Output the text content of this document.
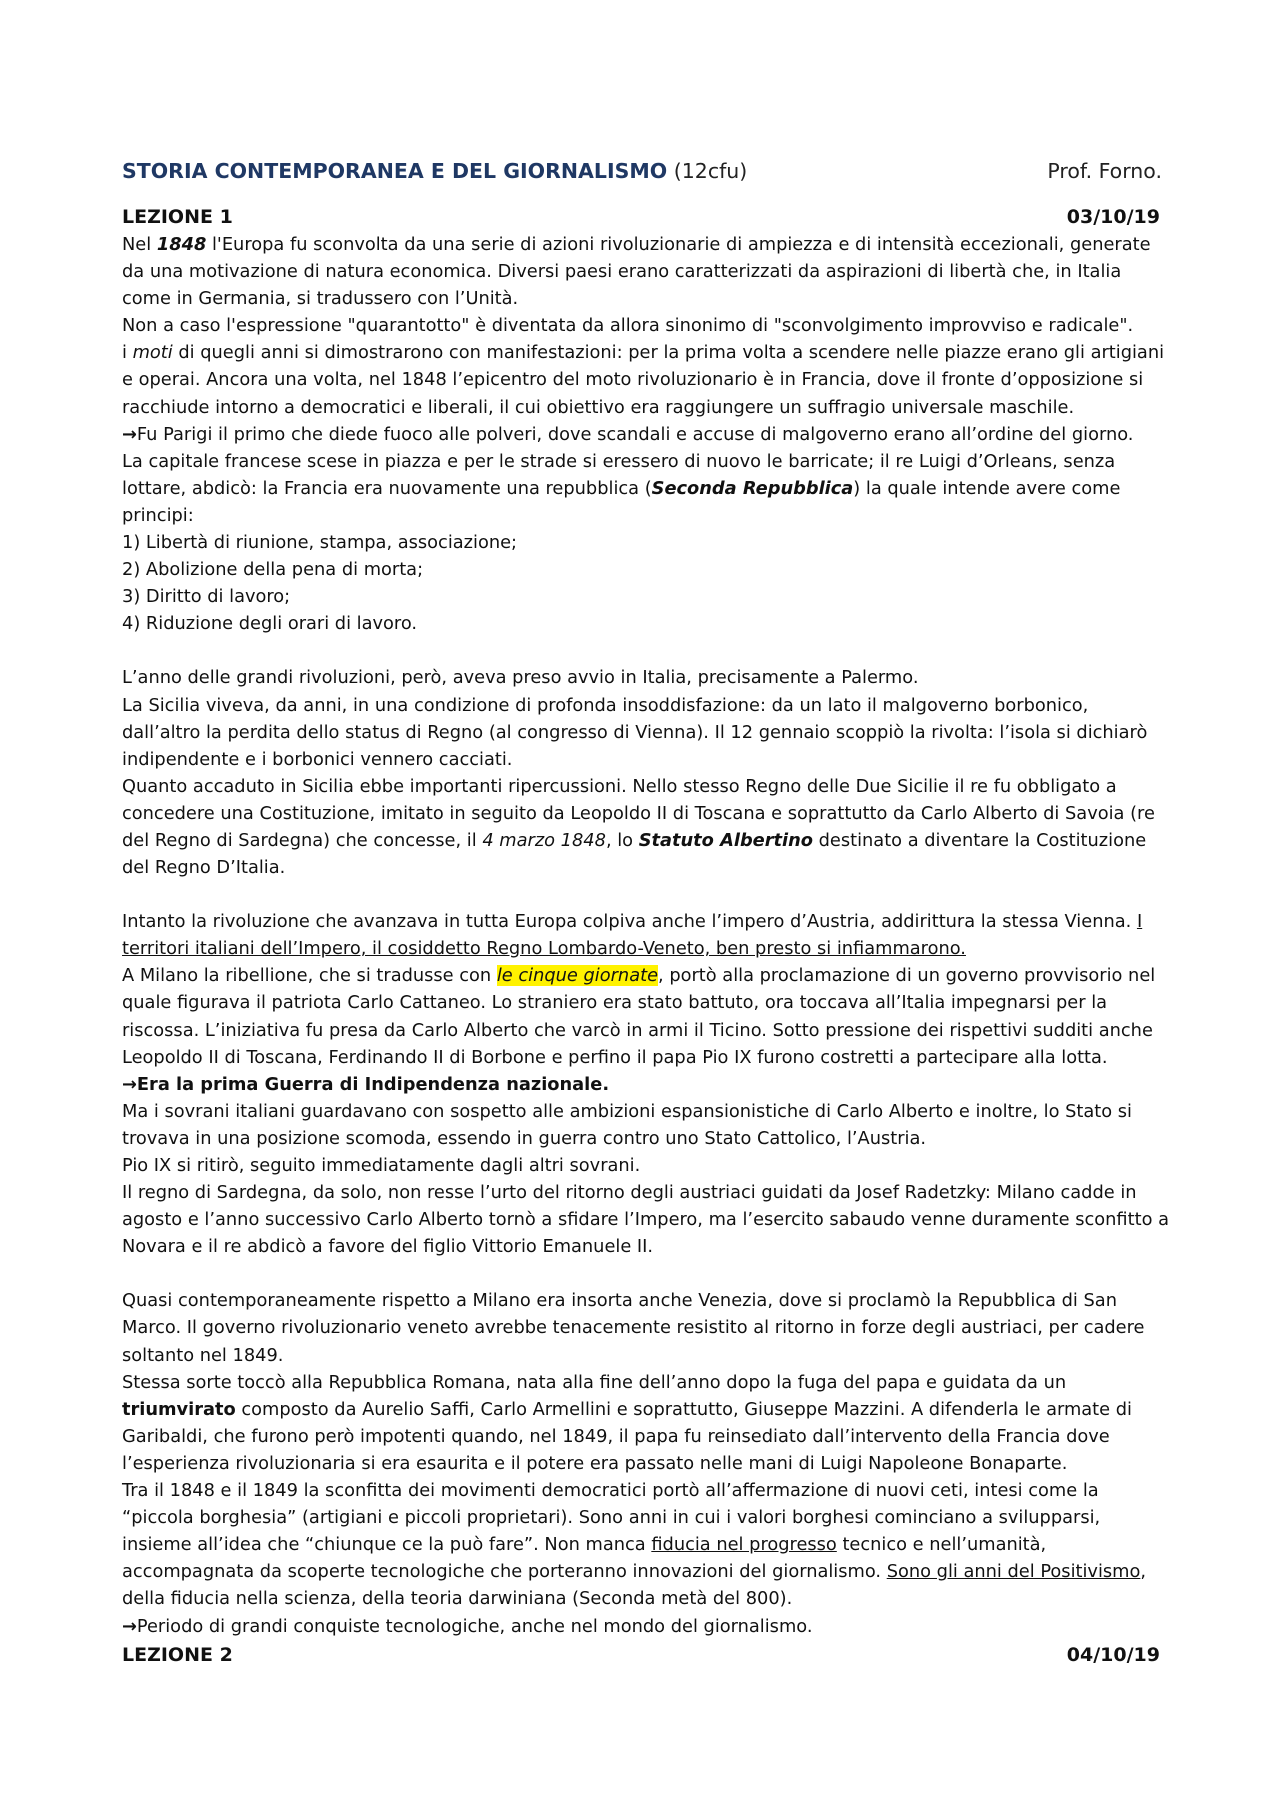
STORIA CONTEMPORANEA E DEL GIORNALISMO (12cfu)	Prof. Forno.
LEZIONE 1	03/10/19

Nel 1848 l'Europa fu sconvolta da una serie di azioni rivoluzionarie di ampiezza e di intensità eccezionali, generate da una motivazione di natura economica. Diversi paesi erano caratterizzati da aspirazioni di libertà che, in Italia come in Germania, si tradussero con l’Unità.

Non a caso l'espressione "quarantotto" è diventata da allora sinonimo di "sconvolgimento improvviso e radicale".

i moti di quegli anni si dimostrarono con manifestazioni: per la prima volta a scendere nelle piazze erano gli artigiani e operai. Ancora una volta, nel 1848 l’epicentro del moto rivoluzionario è in Francia, dove il fronte d’opposizione si racchiude intorno a democratici e liberali, il cui obiettivo era raggiungere un suffragio universale maschile.

→Fu Parigi il primo che diede fuoco alle polveri, dove scandali e accuse di malgoverno erano all’ordine del giorno.

La capitale francese scese in piazza e per le strade si eressero di nuovo le barricate; il re Luigi d’Orleans, senza lottare, abdicò: la Francia era nuovamente una repubblica (Seconda Repubblica) la quale intende avere come principi:

1) Libertà di riunione, stampa, associazione;

2) Abolizione della pena di morta;

3) Diritto di lavoro;

4) Riduzione degli orari di lavoro.

L’anno delle grandi rivoluzioni, però, aveva preso avvio in Italia, precisamente a Palermo.

La Sicilia viveva, da anni, in una condizione di profonda insoddisfazione: da un lato il malgoverno borbonico, dall’altro la perdita dello status di Regno (al congresso di Vienna). Il 12 gennaio scoppiò la rivolta: l’isola si dichiarò indipendente e i borbonici vennero cacciati.

Quanto accaduto in Sicilia ebbe importanti ripercussioni. Nello stesso Regno delle Due Sicilie il re fu obbligato a concedere una Costituzione, imitato in seguito da Leopoldo II di Toscana e soprattutto da Carlo Alberto di Savoia (re del Regno di Sardegna) che concesse, il 4 marzo 1848, lo Statuto Albertino destinato a diventare la Costituzione del Regno D’Italia.

Intanto la rivoluzione che avanzava in tutta Europa colpiva anche l’impero d’Austria, addirittura la stessa Vienna. I territori italiani dell’Impero, il cosiddetto Regno Lombardo-Veneto, ben presto si infiammarono.

A Milano la ribellione, che si tradusse con le cinque giornate, portò alla proclamazione di un governo provvisorio nel quale figurava il patriota Carlo Cattaneo. Lo straniero era stato battuto, ora toccava all’Italia impegnarsi per la riscossa. L’iniziativa fu presa da Carlo Alberto che varcò in armi il Ticino. Sotto pressione dei rispettivi sudditi anche Leopoldo II di Toscana, Ferdinando II di Borbone e perfino il papa Pio IX furono costretti a partecipare alla lotta.

→Era la prima Guerra di Indipendenza nazionale.

Ma i sovrani italiani guardavano con sospetto alle ambizioni espansionistiche di Carlo Alberto e inoltre, lo Stato si trovava in una posizione scomoda, essendo in guerra contro uno Stato Cattolico, l’Austria.

Pio IX si ritirò, seguito immediatamente dagli altri sovrani.

Il regno di Sardegna, da solo, non resse l’urto del ritorno degli austriaci guidati da Josef Radetzky: Milano cadde in agosto e l’anno successivo Carlo Alberto tornò a sfidare l’Impero, ma l’esercito sabaudo venne duramente sconfitto a Novara e il re abdicò a favore del figlio Vittorio Emanuele II.

Quasi contemporaneamente rispetto a Milano era insorta anche Venezia, dove si proclamò la Repubblica di San Marco. Il governo rivoluzionario veneto avrebbe tenacemente resistito al ritorno in forze degli austriaci, per cadere soltanto nel 1849.

Stessa sorte toccò alla Repubblica Romana, nata alla fine dell’anno dopo la fuga del papa e guidata da un triumvirato composto da Aurelio Saffi, Carlo Armellini e soprattutto, Giuseppe Mazzini. A difenderla le armate di Garibaldi, che furono però impotenti quando, nel 1849, il papa fu reinsediato dall’intervento della Francia dove l’esperienza rivoluzionaria si era esaurita e il potere era passato nelle mani di Luigi Napoleone Bonaparte.

Tra il 1848 e il 1849 la sconfitta dei movimenti democratici portò all’affermazione di nuovi ceti, intesi come la “piccola borghesia” (artigiani e piccoli proprietari). Sono anni in cui i valori borghesi cominciano a svilupparsi, insieme all’idea che “chiunque ce la può fare”. Non manca fiducia nel progresso tecnico e nell’umanità, accompagnata da scoperte tecnologiche che porteranno innovazioni del giornalismo. Sono gli anni del Positivismo, della fiducia nella scienza, della teoria darwiniana (Seconda metà del 800).

→Periodo di grandi conquiste tecnologiche, anche nel mondo del giornalismo.

LEZIONE 2	04/10/19
